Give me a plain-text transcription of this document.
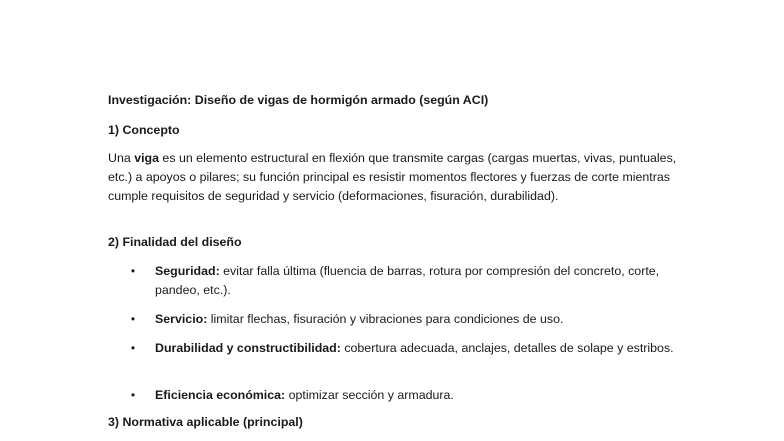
Investigación: Diseño de vigas de hormigón armado (según ACI)

1) Concepto

Una viga es un elemento estructural en flexión que transmite cargas (cargas muertas, vivas, puntuales, etc.) a apoyos o pilares; su función principal es resistir momentos flectores y fuerzas de corte mientras cumple requisitos de seguridad y servicio (deformaciones, fisuración, durabilidad).

2) Finalidad del diseño

• Seguridad: evitar falla última (fluencia de barras, rotura por compresión del concreto, corte, pandeo, etc.).
• Servicio: limitar flechas, fisuración y vibraciones para condiciones de uso.
• Durabilidad y constructibilidad: cobertura adecuada, anclajes, detalles de solape y estribos.
• Eficiencia económica: optimizar sección y armadura.

3) Normativa aplicable (principal)
